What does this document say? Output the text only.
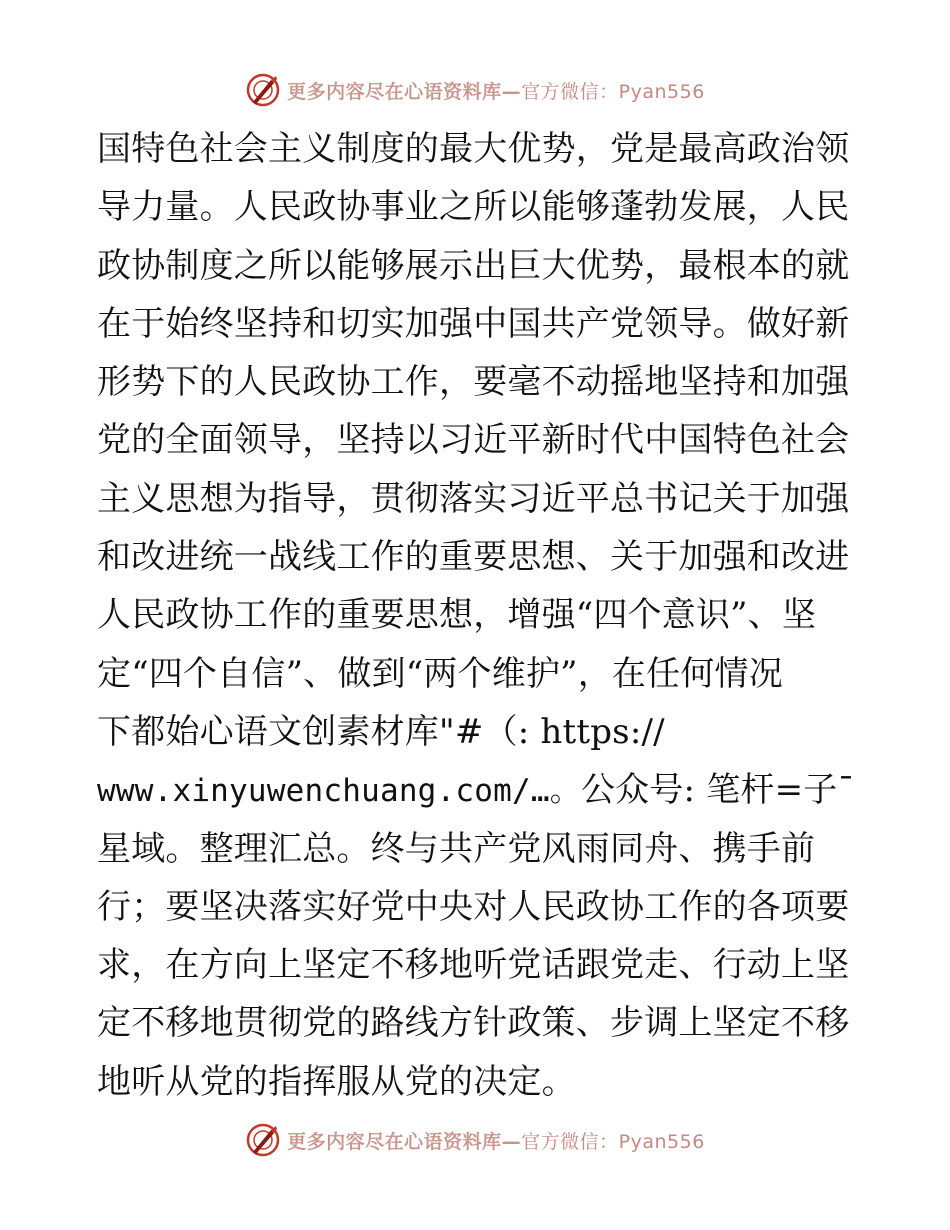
更多内容尽在心语资料库—官方微信：Pyan556
国特色社会主义制度的最大优势，党是最高政治领
导力量。人民政协事业之所以能够蓬勃发展，人民
政协制度之所以能够展示出巨大优势，最根本的就
在于始终坚持和切实加强中国共产党领导。做好新
形势下的人民政协工作，要毫不动摇地坚持和加强
党的全面领导，坚持以习近平新时代中国特色社会
主义思想为指导，贯彻落实习近平总书记关于加强
和改进统一战线工作的重要思想、关于加强和改进
人民政协工作的重要思想，增强“四个意识”、坚
定“四个自信”、做到“两个维护”，在任何情况
下都始心语文创素材库"#（: https://
www.xinyuwenchuang.com/…。公众号: 笔杆=子¯
星域。整理汇总。终与共产党风雨同舟、携手前
行；要坚决落实好党中央对人民政协工作的各项要
求，在方向上坚定不移地听党话跟党走、行动上坚
定不移地贯彻党的路线方针政策、步调上坚定不移
地听从党的指挥服从党的决定。
更多内容尽在心语资料库—官方微信：Pyan556
